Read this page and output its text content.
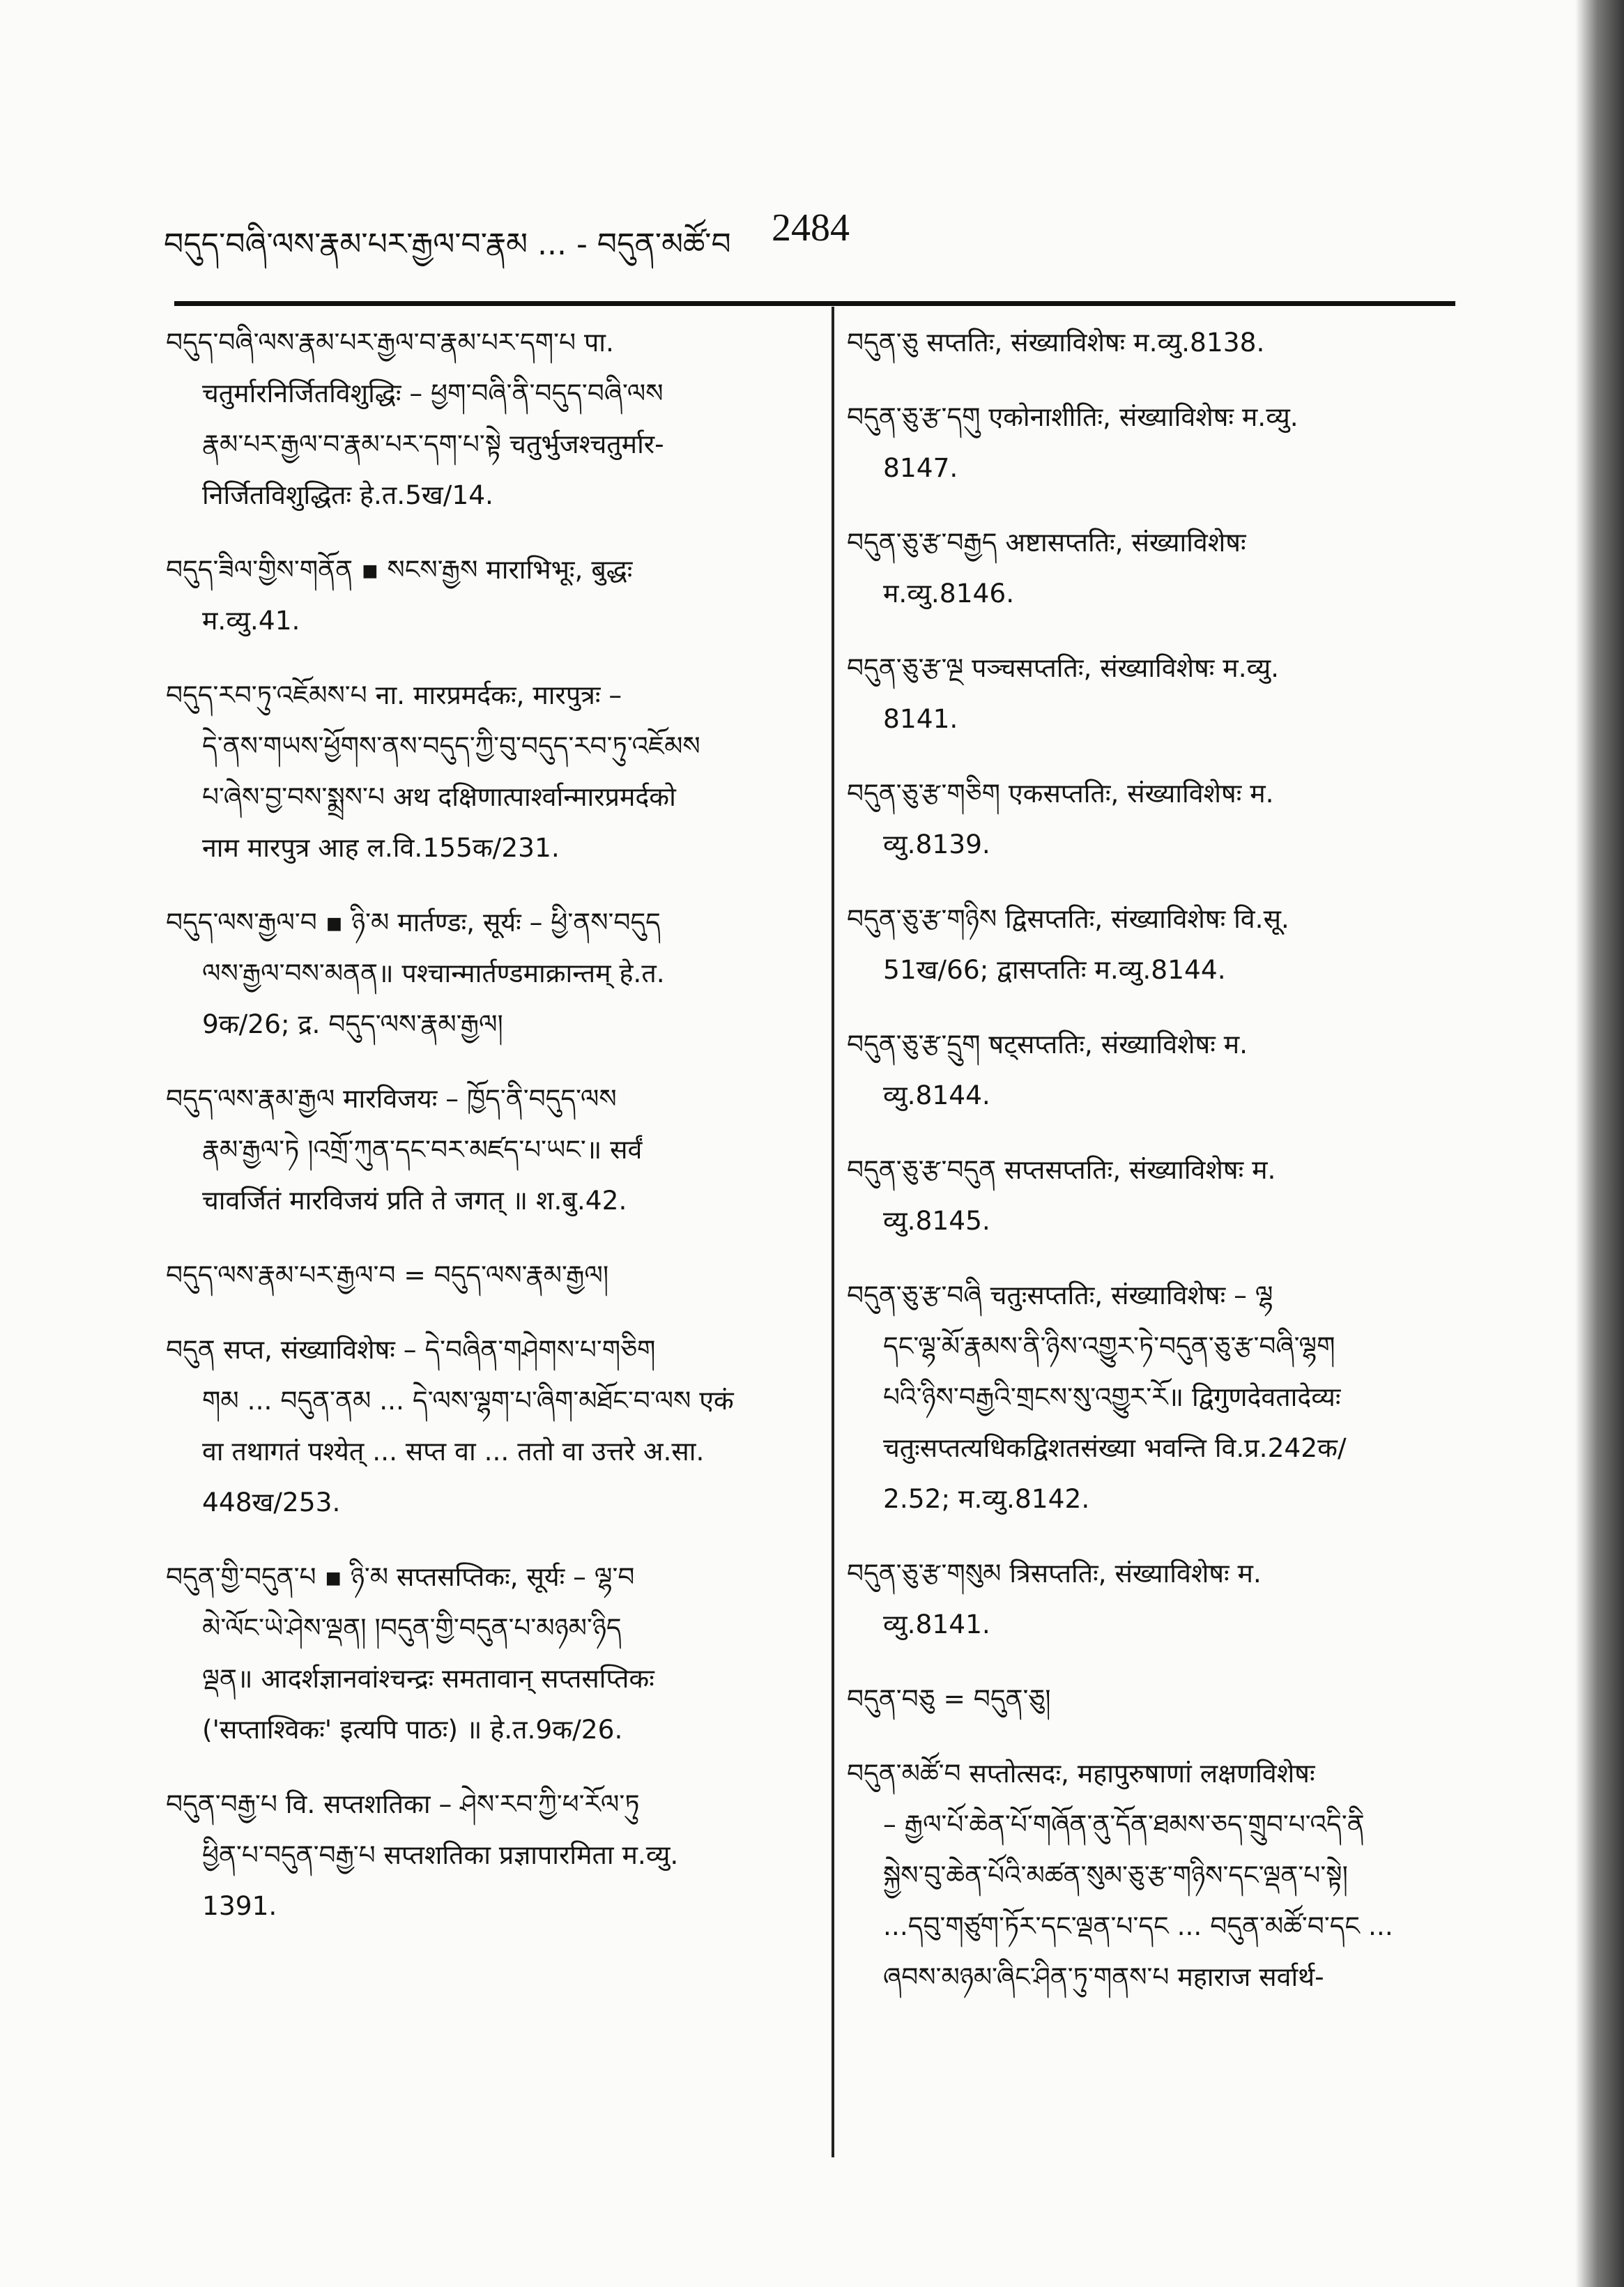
བདུད་བཞི་ལས་རྣམ་པར་རྒྱལ་བ་རྣམ ... - བདུན་མཚོ་བ 2484

བདུད་བཞི་ལས་རྣམ་པར་རྒྱལ་བ་རྣམ་པར་དག་པ पा.

चतुर्मारनिर्जितविशुद्धिः – ཕྱག་བཞི་ནི་བདུད་བཞི་ལས

རྣམ་པར་རྒྱལ་བ་རྣམ་པར་དག་པ་སྟེ चतुर्भुजश्चतुर्मार-

निर्जितविशुद्धितः हे.त.5ख/14.

བདུད་ཟིལ་གྱིས་གནོན ▪ སངས་རྒྱས माराभिभूः, बुद्धः

म.व्यु.41.

བདུད་རབ་ཏུ་འཇོམས་པ ना. मारप्रमर्दकः, मारपुत्रः –

དེ་ནས་གཡས་ཕྱོགས་ནས་བདུད་ཀྱི་བུ་བདུད་རབ་ཏུ་འཇོམས

པ་ཞེས་བྱ་བས་སྨྲས་པ अथ दक्षिणात्पार्श्वान्मारप्रमर्दको

नाम मारपुत्र आह ल.वि.155क/231.

བདུད་ལས་རྒྱལ་བ ▪ ཉི་མ मार्तण्डः, सूर्यः – ཕྱི་ནས་བདུད

ལས་རྒྱལ་བས་མནན॥ पश्चान्मार्तण्डमाक्रान्तम् हे.त.

9क/26; द्र. བདུད་ལས་རྣམ་རྒྱལ།

བདུད་ལས་རྣམ་རྒྱལ मारविजयः – ཁྱོད་ནི་བདུད་ལས

རྣམ་རྒྱལ་ཏེ །འགྲོ་ཀུན་དང་བར་མཛད་པ་ཡང་॥ सर्वं

चावर्जितं मारविजयं प्रति ते जगत् ॥ श.बु.42.

བདུད་ལས་རྣམ་པར་རྒྱལ་བ = བདུད་ལས་རྣམ་རྒྱལ།

བདུན सप्त, संख्याविशेषः – དེ་བཞིན་གཤེགས་པ་གཅིག

གམ ... བདུན་ནམ ... དེ་ལས་ལྷག་པ་ཞིག་མཐོང་བ་ལས एकं

वा तथागतं पश्येत् ... सप्त वा ... ततो वा उत्तरे अ.सा.

448ख/253.

བདུན་གྱི་བདུན་པ ▪ ཉི་མ सप्तसप्तिकः, सूर्यः – ལྷ་བ

མེ་ལོང་ཡེ་ཤེས་ལྡན། །བདུན་གྱི་བདུན་པ་མཉམ་ཉིད

ལྡན॥ आदर्शज्ञानवांश्चन्द्रः समतावान् सप्तसप्तिकः

('सप्ताश्विकः' इत्यपि पाठः) ॥ हे.त.9क/26.

བདུན་བརྒྱ་པ वि. सप्तशतिका – ཤེས་རབ་ཀྱི་ཕ་རོལ་ཏུ

ཕྱིན་པ་བདུན་བརྒྱ་པ सप्तशतिका प्रज्ञापारमिता म.व्यु.

1391.

བདུན་ཅུ सप्ततिः, संख्याविशेषः म.व्यु.8138.

བདུན་ཅུ་རྩ་དགུ एकोनाशीतिः, संख्याविशेषः म.व्यु.

8147.

བདུན་ཅུ་རྩ་བརྒྱད अष्टासप्ततिः, संख्याविशेषः

म.व्यु.8146.

བདུན་ཅུ་རྩ་ལྔ पञ्चसप्ततिः, संख्याविशेषः म.व्यु.

8141.

བདུན་ཅུ་རྩ་གཅིག एकसप्ततिः, संख्याविशेषः म.

व्यु.8139.

བདུན་ཅུ་རྩ་གཉིས द्विसप्ततिः, संख्याविशेषः वि.सू.

51ख/66; द्वासप्ततिः म.व्यु.8144.

བདུན་ཅུ་རྩ་དྲུག षट्सप्ततिः, संख्याविशेषः म.

व्यु.8144.

བདུན་ཅུ་རྩ་བདུན सप्तसप्ततिः, संख्याविशेषः म.

व्यु.8145.

བདུན་ཅུ་རྩ་བཞི चतुःसप्ततिः, संख्याविशेषः – ལྷ

དང་ལྷ་མོ་རྣམས་ནི་ཉིས་འགྱུར་ཏེ་བདུན་ཅུ་རྩ་བཞི་ལྷག

པའི་ཉིས་བརྒྱའི་གྲངས་སུ་འགྱུར་རོ॥ द्विगुणदेवतादेव्यः

चतुःसप्तत्यधिकद्विशतसंख्या भवन्ति वि.प्र.242क/

2.52; म.व्यु.8142.

བདུན་ཅུ་རྩ་གསུམ त्रिसप्ततिः, संख्याविशेषः म.

व्यु.8141.

བདུན་བཅུ = བདུན་ཅུ།

བདུན་མཚོ་བ सप्तोत्सदः, महापुरुषाणां लक्षणविशेषः

– རྒྱལ་པོ་ཆེན་པོ་གཞོན་ནུ་དོན་ཐམས་ཅད་གྲུབ་པ་འདི་ནི

སྐྱེས་བུ་ཆེན་པོའི་མཚན་སུམ་ཅུ་རྩ་གཉིས་དང་ལྡན་པ་སྟེ།

...དབུ་གཙུག་ཏོར་དང་ལྡན་པ་དང ... བདུན་མཚོ་བ་དང ...

ཞབས་མཉམ་ཞིང་ཤིན་ཏུ་གནས་པ महाराज सर्वार्थ-
